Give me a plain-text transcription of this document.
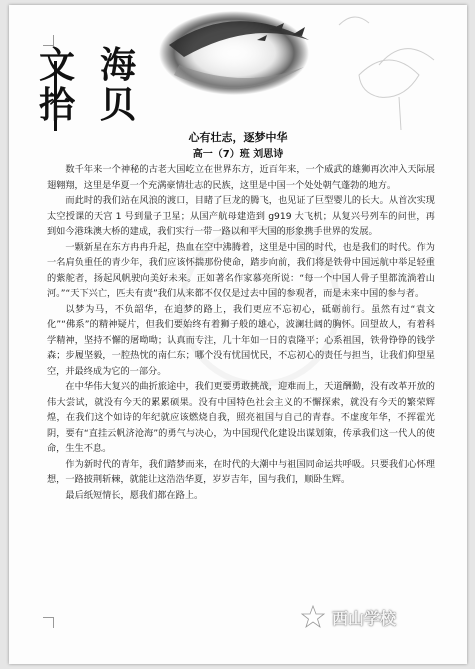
文 海
拾 贝
心有壮志，逐梦中华
高一（7）班 刘思诗

数千年来一个神秘的古老大国屹立在世界东方，近百年来，一个威武的雄狮再次冲入天际展翅翱翔，这里是华夏一个充满豪情壮志的民族，这里是中国一个处处朝气蓬勃的地方。

而此时的我们站在风浪的渡口，目睹了巨龙的腾飞，也见证了巨型婴儿的长大。从首次实现太空授课的天宫 1 号到量子卫星；从国产航母建造到 g919 大飞机；从复兴号列车的问世，再到如今港珠澳大桥的建成，我们实行一带一路以和平大国的形象携手世界的发展。

一颗新星在东方冉冉升起，热血在空中沸腾着，这里是中国的时代，也是我们的时代。作为一名肩负重任的青少年，我们应该怀揣那份使命，踏步向前，我们将是铁骨中国远航中举足轻重的紫舵者，扬起风帆驶向美好未来。正如著名作家慕亮所说：“每一个中国人骨子里都流淌着山河。”“天下兴亡，匹夫有责”我们从来都不仅仅是过去中国的参观者，而是未来中国的参与者。

以梦为马，不负韶华，在追梦的路上，我们更应不忘初心，砥砺前行。虽然有过“袁文化”“佛系”的精神疑片，但我们要始终有着狮子般的雄心，波澜壮阔的胸怀。回望故人，有着科学精神，坚持不懈的屠呦呦；认真而专注，几十年如一日的袁隆平；心系祖国，铁骨铮铮的钱学森；步履坚毅，一腔热忱的南仁东；哪个没有忧国忧民，不忘初心的责任与担当，让我们仰望星空，并最终成为它的一部分。

在中华伟大复兴的曲折旅途中，我们更要勇敢挑战，迎难而上，天道酬勤，没有改革开放的伟大尝试，就没有今天的累累硕果。没有中国特色社会主义的不懈探索，就没有今天的繁荣辉煌，在我们这个如诗的年纪就应该燃烧自我，照亮祖国与自己的青春。不虚度年华，不挥霍光阴，要有“直挂云帆济沧海”的勇气与决心，为中国现代化建设出谋划策，传承我们这一代人的使命，生生不息。

作为新时代的青年，我们踏梦而来，在时代的大潮中与祖国同命运共呼吸。只要我们心怀理想，一路披荆斩棘，就能让这浩浩华夏，岁岁吉年，国与我们，顺卧生辉。

最后纸短情长，愿我们都在路上。

西山学校
